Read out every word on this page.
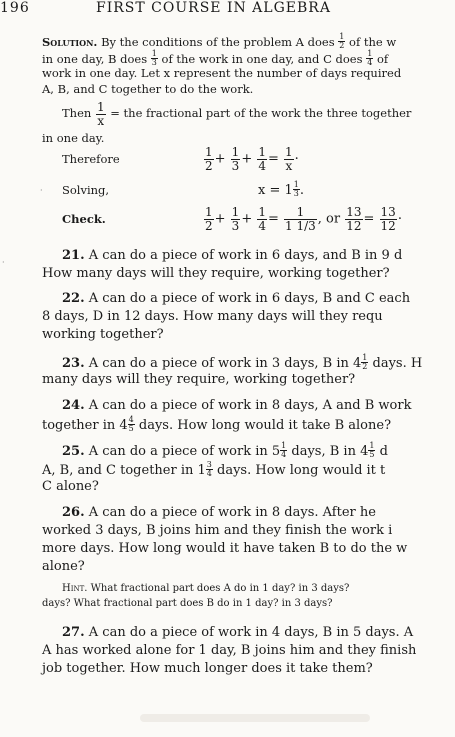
196	FIRST COURSE IN ALGEBRA
Solution. By the conditions of the problem A does $\frac{1}{2}$ of the w
in one day, B does $\frac{1}{3}$ of the work in one day, and C does $\frac{1}{4}$ of
work in one day. Let x represent the number of days required
A, B, and C together to do the work.
Then $\frac{1}{x}$ = the fractional part of the work the three together
in one day.
Therefore	$\frac{1}{2} + \frac{1}{3} + \frac{1}{4} = \frac{1}{x}$ ·
Solving,	$x = 1 \frac{1}{3}$ .
·
Check.	$\frac{1}{2} + \frac{1}{3} + \frac{1}{4} = \frac{1}{1 1/3}$ , or $\frac{13}{12} = \frac{13}{12}$ ·
·	21. A can do a piece of work in 6 days, and B in 9 d
How many days will they require, working together?
22. A can do a piece of work in 6 days, B and C each
8 days, D in 12 days. How many days will they requ
working together?
23. A can do a piece of work in 3 days, B in $4 \frac{1}{2}$ days. H
many days will they require, working together?
24. A can do a piece of work in 8 days, A and B work
together in $4 \frac{4}{5}$ days. How long would it take B alone?
25. A can do a piece of work in $5 \frac{1}{4}$ days, B in $4 \frac{1}{5}$ d
A, B, and C together in $1 \frac{3}{4}$ days. How long would it t
C alone?
26. A can do a piece of work in 8 days. After he
worked 3 days, B joins him and they finish the work i
more days. How long would it have taken B to do the w
alone?
Hint. What fractional part does A do in 1 day? in 3 days?
days? What fractional part does B do in 1 day? in 3 days?
27. A can do a piece of work in 4 days, B in 5 days. A
A has worked alone for 1 day, B joins him and they finish
job together. How much longer does it take them?
